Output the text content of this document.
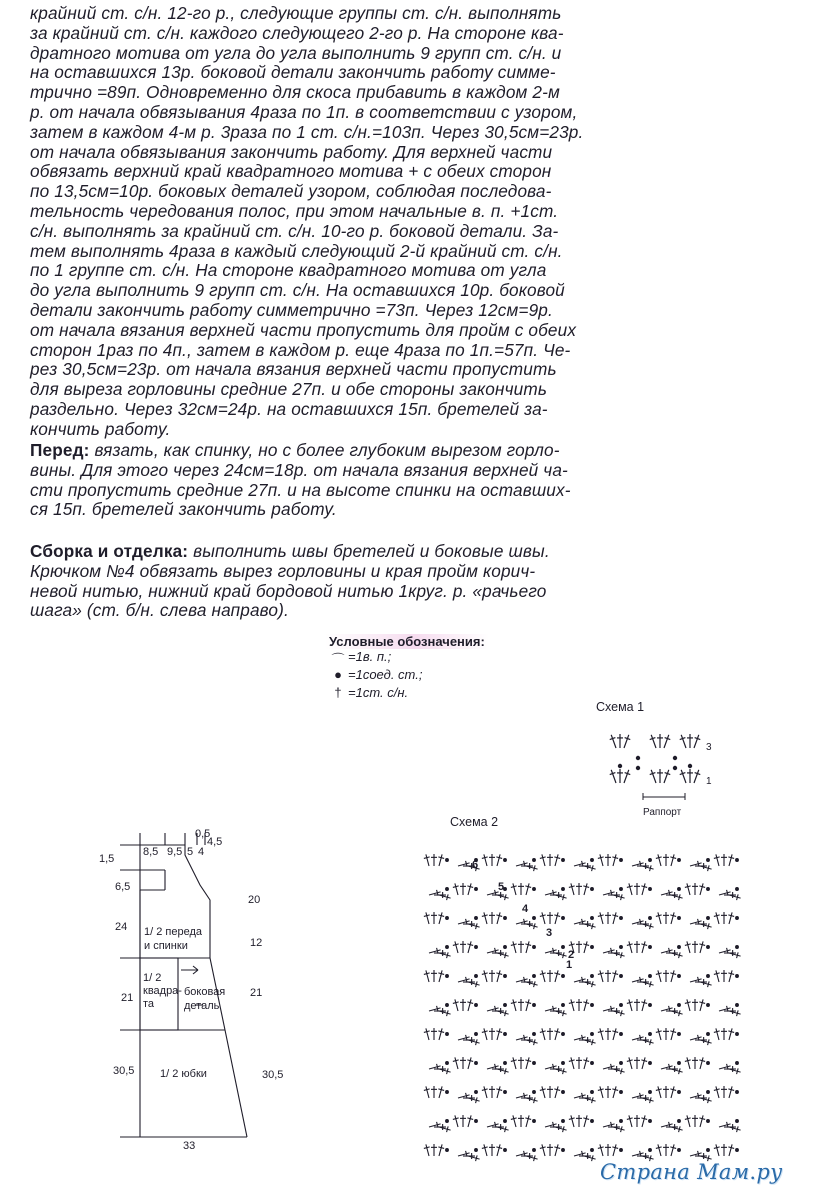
крайний ст. с/н. 12-го р., следующие группы ст. с/н. выполнять

за крайний ст. с/н. каждого следующего 2-го р. На стороне ква-

дратного мотива от угла до угла выполнить 9 групп ст. с/н. и

на оставшихся 13р. боковой детали закончить работу симме-

трично =89п. Одновременно для скоса прибавить в каждом 2-м

р. от начала обвязывания 4раза по 1п. в соответствии с узором,

затем в каждом 4-м р. 3раза по 1 ст. с/н.=103п. Через 30,5см=23р.

от начала обвязывания закончить работу. Для верхней части

обвязать верхний край квадратного мотива + с обеих сторон

по 13,5см=10р. боковых деталей узором, соблюдая последова-

тельность чередования полос, при этом начальные в. п. +1ст.

с/н. выполнять за крайний ст. с/н. 10-го р. боковой детали. За-

тем выполнять 4раза в каждый следующий 2-й крайний ст. с/н.

по 1 группе ст. с/н. На стороне квадратного мотива от угла

до угла выполнить 9 групп ст. с/н. На оставшихся 10р. боковой

детали закончить работу симметрично =73п. Через 12см=9р.

от начала вязания верхней части пропустить для пройм с обеих

сторон 1раз по 4п., затем в каждом р. еще 4раза по 1п.=57п. Че-

рез 30,5см=23р. от начала вязания верхней части пропустить

для выреза горловины средние 27п. и обе стороны закончить

раздельно. Через 32см=24р. на оставшихся 15п. бретелей за-

кончить работу.

Перед: вязать, как спинку, но с более глубоким вырезом горло-

вины. Для этого через 24см=18р. от начала вязания верхней ча-

сти пропустить средние 27п. и на высоте спинки на оставших-

ся 15п. бретелей закончить работу.

Сборка и отделка: выполнить швы бретелей и боковые швы.

Крючком №4 обвязать вырез горловины и края пройм корич-

невой нитью, нижний край бордовой нитью 1круг. р. «рачьего

шага» (ст. б/н. слева направо).

Условные обозначения:
⌒ =1в. п.;
● =1соед. ст.;
† =1ст. с/н.
Схема 1
3
1
Раппорт
Схема 2
6
5
4
3
2
1
8,5 9,5 5 4
0,5
4,5
1,5
6,5
24
21
30,5
20
12
21
30,5
33
1/ 2 переда
и спинки
1/ 2
квадра-
та
боковая
деталь
1/ 2 юбки
Страна Мам.ру
